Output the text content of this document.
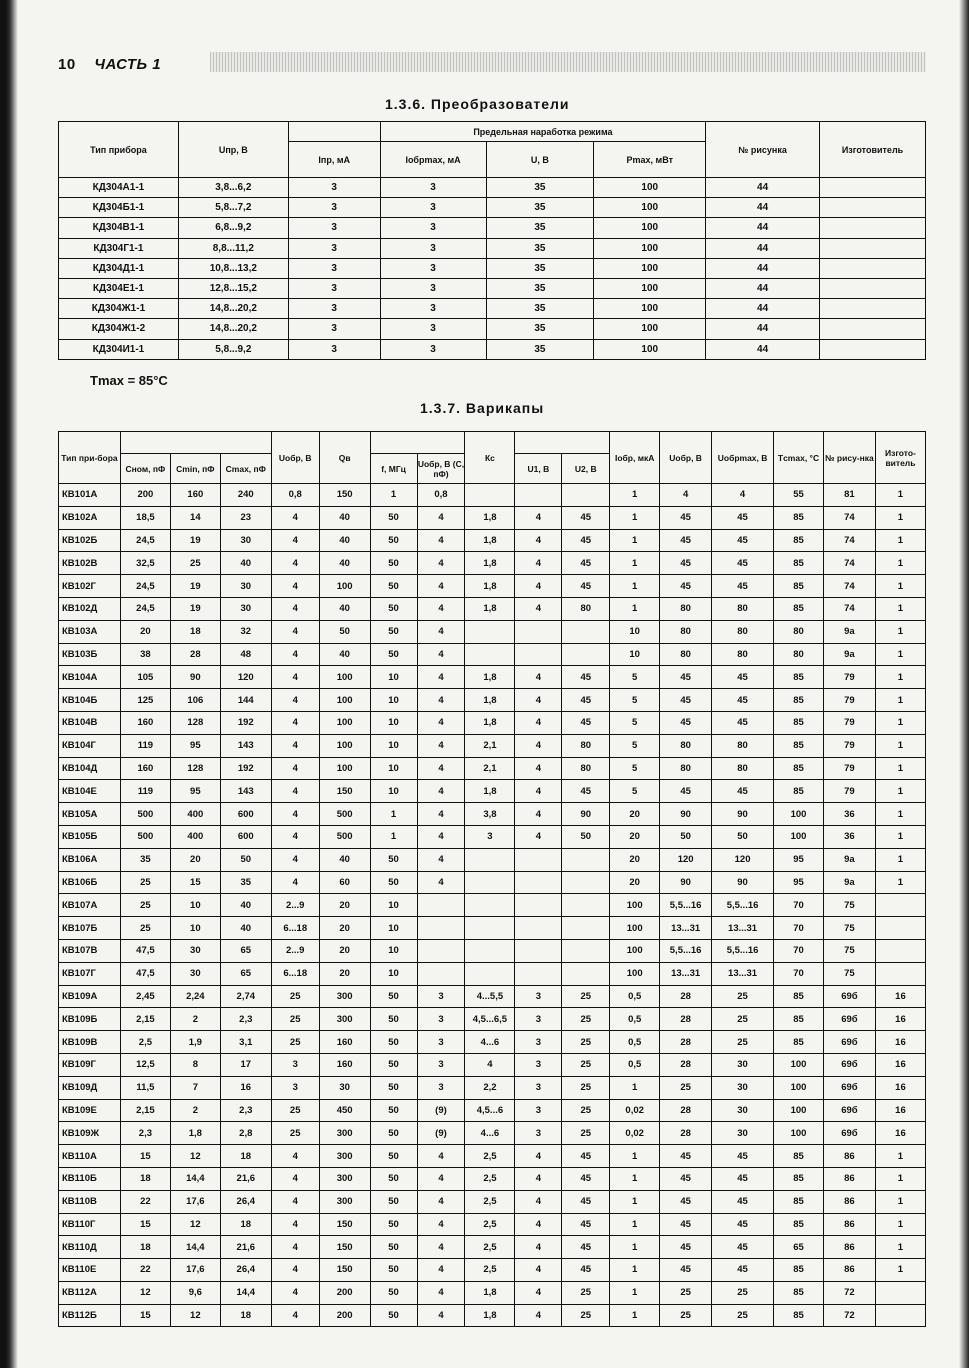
10 ЧАСТЬ 1
1.3.6. Преобразователи
Тип прибора	Uпр, В		Предельная наработка режима			№ рисунка	Изготовитель
		Iпр, мА	Iобрmax, мА	U, В	Pmax, мВт		
КД304А1-1	3,8...6,2	3	3	35	100	44	
КД304Б1-1	5,8...7,2	3	3	35	100	44	
КД304В1-1	6,8...9,2	3	3	35	100	44	
КД304Г1-1	8,8...11,2	3	3	35	100	44	
КД304Д1-1	10,8...13,2	3	3	35	100	44	
КД304Е1-1	12,8...15,2	3	3	35	100	44	
КД304Ж1-1	14,8...20,2	3	3	35	100	44	
КД304Ж1-2	14,8...20,2	3	3	35	100	44	
КД304И1-1	5,8...9,2	3	3	35	100	44	
Tmax = 85°C
1.3.7. Варикапы
Тип при-бора				Uобр, В	Qв			Кс			Iобр, мкА	Uобр, В	Uобрmax, В	Тcmax, °С	№ рису-нка	Изгото-витель
	Cном, пФ	Cmin, пФ	Cmax, пФ			f, МГц	Uобр, В (С, пФ)		U1, В	U2, В						
КВ101А	200	160	240	0,8	150	1	0,8				1	4	4	55	81	1
КВ102А	18,5	14	23	4	40	50	4	1,8	4	45	1	45	45	85	74	1
КВ102Б	24,5	19	30	4	40	50	4	1,8	4	45	1	45	45	85	74	1
КВ102В	32,5	25	40	4	40	50	4	1,8	4	45	1	45	45	85	74	1
КВ102Г	24,5	19	30	4	100	50	4	1,8	4	45	1	45	45	85	74	1
КВ102Д	24,5	19	30	4	40	50	4	1,8	4	80	1	80	80	85	74	1
КВ103А	20	18	32	4	50	50	4				10	80	80	80	9а	1
КВ103Б	38	28	48	4	40	50	4				10	80	80	80	9а	1
КВ104А	105	90	120	4	100	10	4	1,8	4	45	5	45	45	85	79	1
КВ104Б	125	106	144	4	100	10	4	1,8	4	45	5	45	45	85	79	1
КВ104В	160	128	192	4	100	10	4	1,8	4	45	5	45	45	85	79	1
КВ104Г	119	95	143	4	100	10	4	2,1	4	80	5	80	80	85	79	1
КВ104Д	160	128	192	4	100	10	4	2,1	4	80	5	80	80	85	79	1
КВ104Е	119	95	143	4	150	10	4	1,8	4	45	5	45	45	85	79	1
КВ105А	500	400	600	4	500	1	4	3,8	4	90	20	90	90	100	36	1
КВ105Б	500	400	600	4	500	1	4	3	4	50	20	50	50	100	36	1
КВ106А	35	20	50	4	40	50	4				20	120	120	95	9а	1
КВ106Б	25	15	35	4	60	50	4				20	90	90	95	9а	1
КВ107А	25	10	40	2...9	20	10					100	5,5...16	5,5...16	70	75	
КВ107Б	25	10	40	6...18	20	10					100	13...31	13...31	70	75	
КВ107В	47,5	30	65	2...9	20	10					100	5,5...16	5,5...16	70	75	
КВ107Г	47,5	30	65	6...18	20	10					100	13...31	13...31	70	75	
КВ109А	2,45	2,24	2,74	25	300	50	3	4...5,5	3	25	0,5	28	25	85	69б	16
КВ109Б	2,15	2	2,3	25	300	50	3	4,5...6,5	3	25	0,5	28	25	85	69б	16
КВ109В	2,5	1,9	3,1	25	160	50	3	4...6	3	25	0,5	28	25	85	69б	16
КВ109Г	12,5	8	17	3	160	50	3	4	3	25	0,5	28	30	100	69б	16
КВ109Д	11,5	7	16	3	30	50	3	2,2	3	25	1	25	30	100	69б	16
КВ109Е	2,15	2	2,3	25	450	50	(9)	4,5...6	3	25	0,02	28	30	100	69б	16
КВ109Ж	2,3	1,8	2,8	25	300	50	(9)	4...6	3	25	0,02	28	30	100	69б	16
КВ110А	15	12	18	4	300	50	4	2,5	4	45	1	45	45	85	86	1
КВ110Б	18	14,4	21,6	4	300	50	4	2,5	4	45	1	45	45	85	86	1
КВ110В	22	17,6	26,4	4	300	50	4	2,5	4	45	1	45	45	85	86	1
КВ110Г	15	12	18	4	150	50	4	2,5	4	45	1	45	45	85	86	1
КВ110Д	18	14,4	21,6	4	150	50	4	2,5	4	45	1	45	45	65	86	1
КВ110Е	22	17,6	26,4	4	150	50	4	2,5	4	45	1	45	45	85	86	1
КВ112А	12	9,6	14,4	4	200	50	4	1,8	4	25	1	25	25	85	72	
КВ112Б	15	12	18	4	200	50	4	1,8	4	25	1	25	25	85	72	
